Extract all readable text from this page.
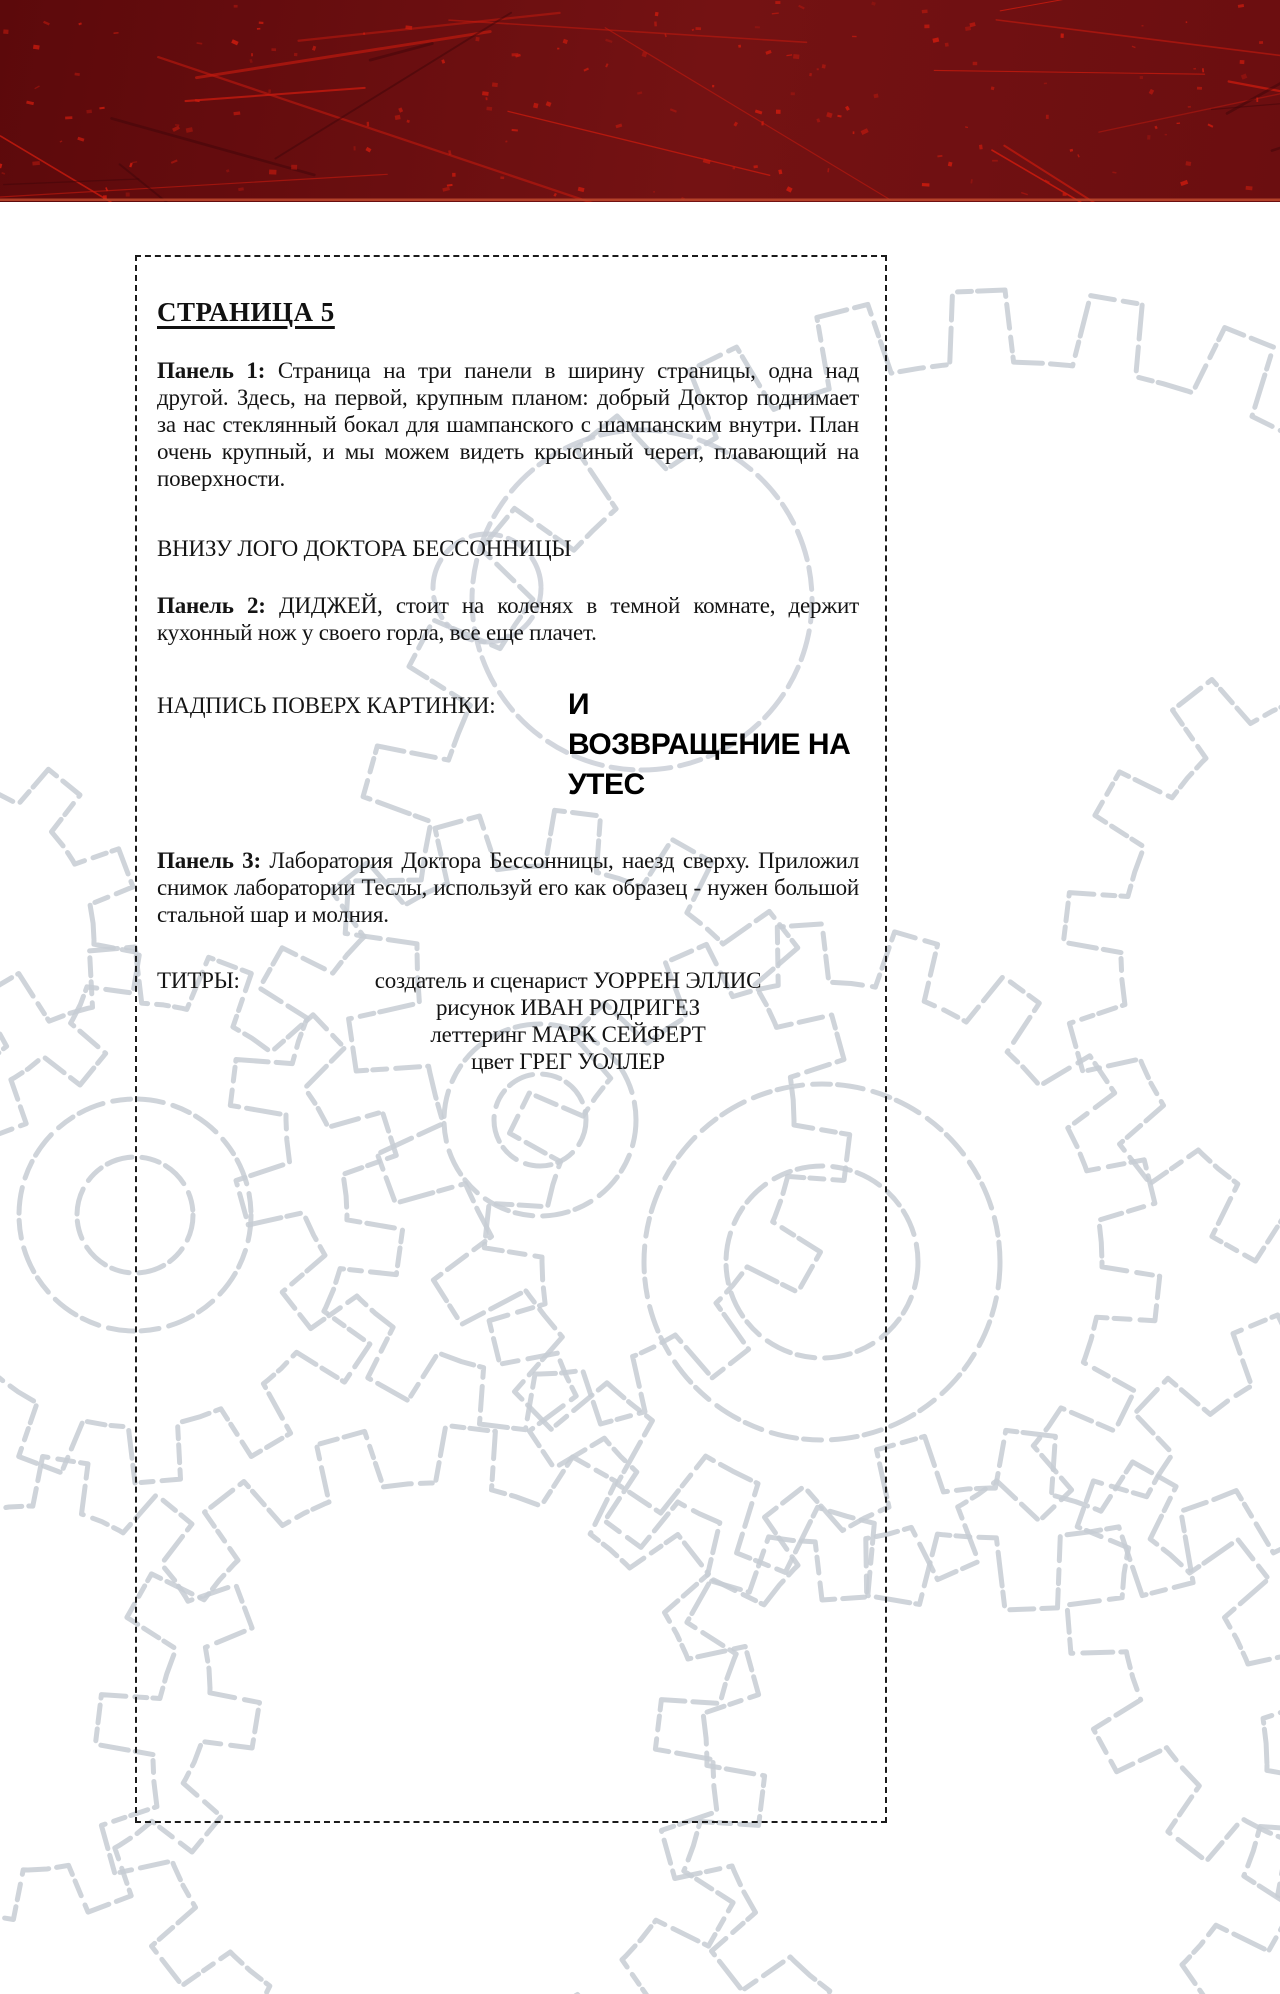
СТРАНИЦА 5

Панель 1: Страница на три панели в ширину страницы, одна над другой. Здесь, на первой, крупным планом: добрый Доктор поднимает за нас стеклянный бокал для шампанского с шампанским внутри. План очень крупный, и мы можем видеть крысиный череп, плавающий на поверхности.

ВНИЗУ ЛОГО ДОКТОРА БЕССОННИЦЫ

Панель 2: ДИДЖЕЙ, стоит на коленях в темной комнате, держит кухонный нож у своего горла, все еще плачет.

НАДПИСЬ ПОВЕРХ КАРТИНКИ: И
ВОЗВРАЩЕНИЕ НА
УТЕС

Панель 3: Лаборатория Доктора Бессонницы, наезд сверху. Приложил снимок лаборатории Теслы, используй его как образец - нужен большой стальной шар и молния.

ТИТРЫ:	создатель и сценарист УОРРЕН ЭЛЛИС
рисунок ИВАН РОДРИГЕЗ
леттеринг МАРК СЕЙФЕРТ
цвет ГРЕГ УОЛЛЕР
